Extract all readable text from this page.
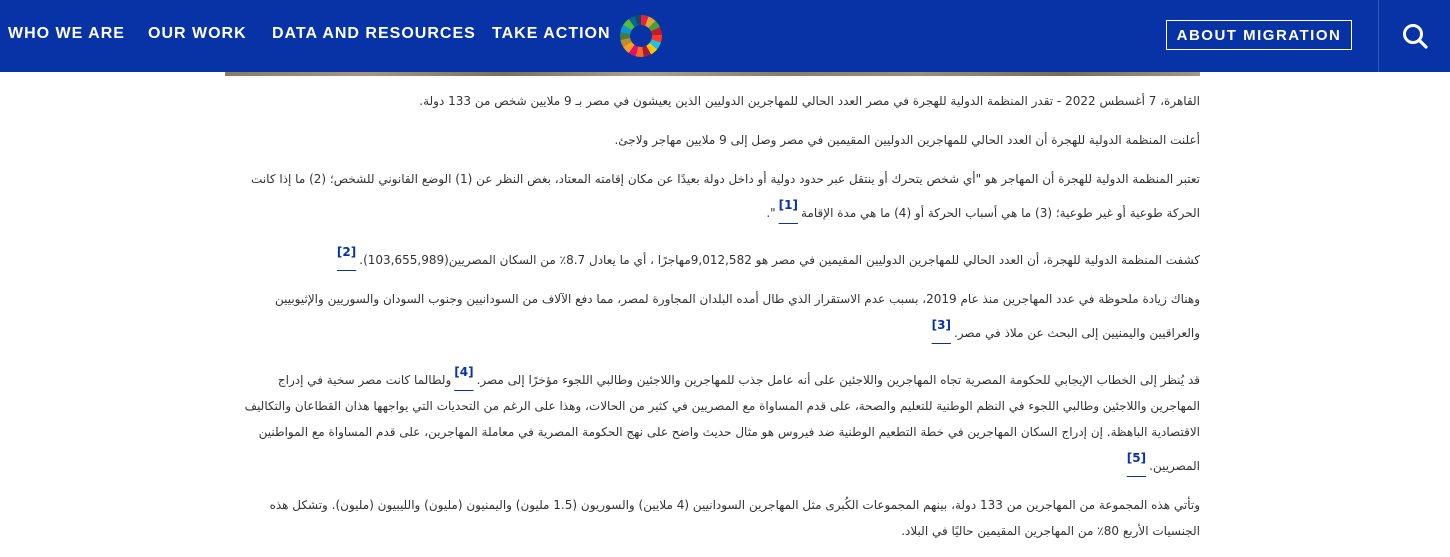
WHO WE ARE OUR WORK DATA AND RESOURCES TAKE ACTION	ABOUT MIGRATION

القاهرة، 7 أغسطس 2022 - تقدر المنظمة الدولية للهجرة في مصر العدد الحالي للمهاجرين الدوليين الذين يعيشون في مصر بـ 9 ملايين شخص من 133 دولة.

أعلنت المنظمة الدولية للهجرة أن العدد الحالي للمهاجرين الدوليين المقيمين في مصر وصل إلى 9 ملايين مهاجر ولاجئ.

تعتبر المنظمة الدولية للهجرة أن المهاجر هو "أي شخص يتحرك أو ينتقل عبر حدود دولية أو داخل دولة بعيدًا عن مكان إقامته المعتاد، بغض النظر عن (1) الوضع القانوني للشخص؛ (2) ما إذا كانت الحركة طوعية أو غير طوعية؛ (3) ما هي أسباب الحركة أو (4) ما هي مدة الإقامة[1]".

كشفت المنظمة الدولية للهجرة، أن العدد الحالي للمهاجرين الدوليين المقيمين في مصر هو 9,012,582مهاجرًا ، أي ما يعادل 8.7٪ من السكان المصريين(103,655,989).[2]

وهناك زيادة ملحوظة في عدد المهاجرين منذ عام 2019، بسبب عدم الاستقرار الذي طال أمده البلدان المجاورة لمصر، مما دفع الآلاف من السودانيين وجنوب السودان والسوريين والإثيوبيين والعراقيين واليمنيين إلى البحث عن ملاذ في مصر.[3]

قد يُنظر إلى الخطاب الإيجابي للحكومة المصرية تجاه المهاجرين واللاجئين على أنه عامل جذب للمهاجرين واللاجئين وطالبي اللجوء مؤخرًا إلى مصر.[4]ولطالما كانت مصر سخية في إدراج المهاجرين واللاجئين وطالبي اللجوء في النظم الوطنية للتعليم والصحة، على قدم المساواة مع المصريين في كثير من الحالات، وهذا على الرغم من التحديات التي يواجهها هذان القطاعان والتكاليف الاقتصادية الباهظة. إن إدراج السكان المهاجرين في خطة التطعيم الوطنية ضد فيروس هو مثال حديث واضح على نهج الحكومة المصرية في معاملة المهاجرين، على قدم المساواة مع المواطنين المصريين.[5]

وتأتي هذه المجموعة من المهاجرين من 133 دولة، بينهم المجموعات الكُبرى مثل المهاجرين السودانيين (4 ملايين) والسوريون (1.5 مليون) واليمنيون (مليون) والليبيون (مليون). وتشكل هذه الجنسيات الأربع 80٪ من المهاجرين المقيمين حاليًا في البلاد.
